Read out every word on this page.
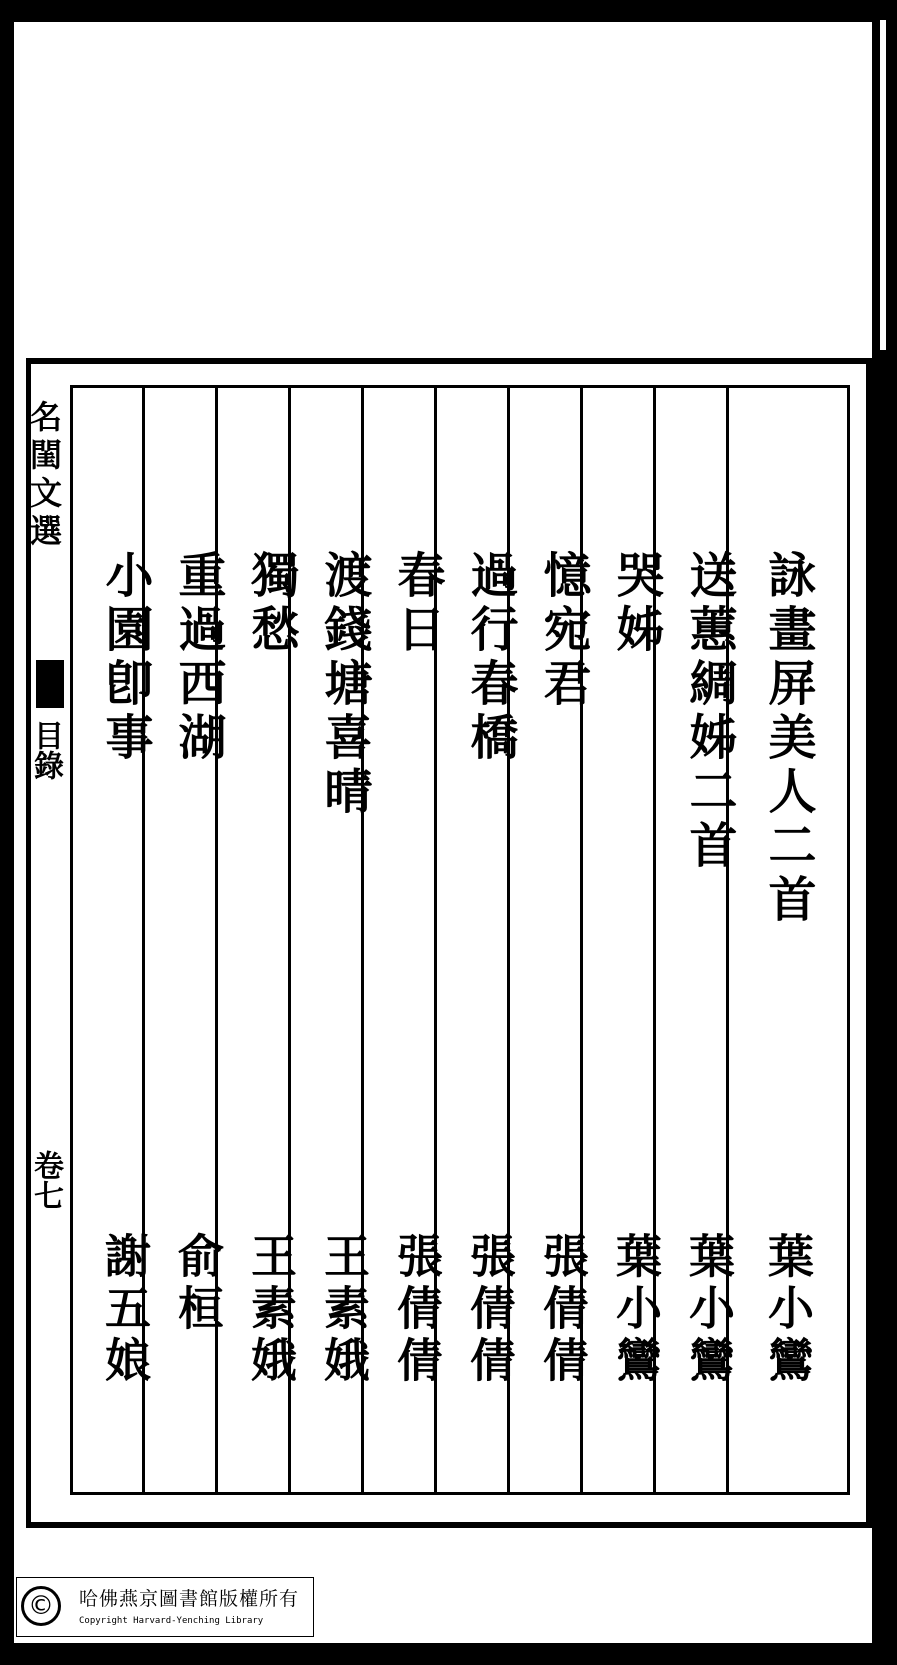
名閨文選
目錄
卷七
詠畫屏美人二首
葉小鸞
送蕙綢姊二首
葉小鸞
哭姊
葉小鸞
憶宛君
張倩倩
過行春橋
張倩倩
春日
張倩倩
渡錢塘喜晴
王素娥
獨愁
王素娥
重過西湖
俞桓
小園卽事
謝五娘
©	哈佛燕京圖書館版權所有
Copyright Harvard-Yenching Library
